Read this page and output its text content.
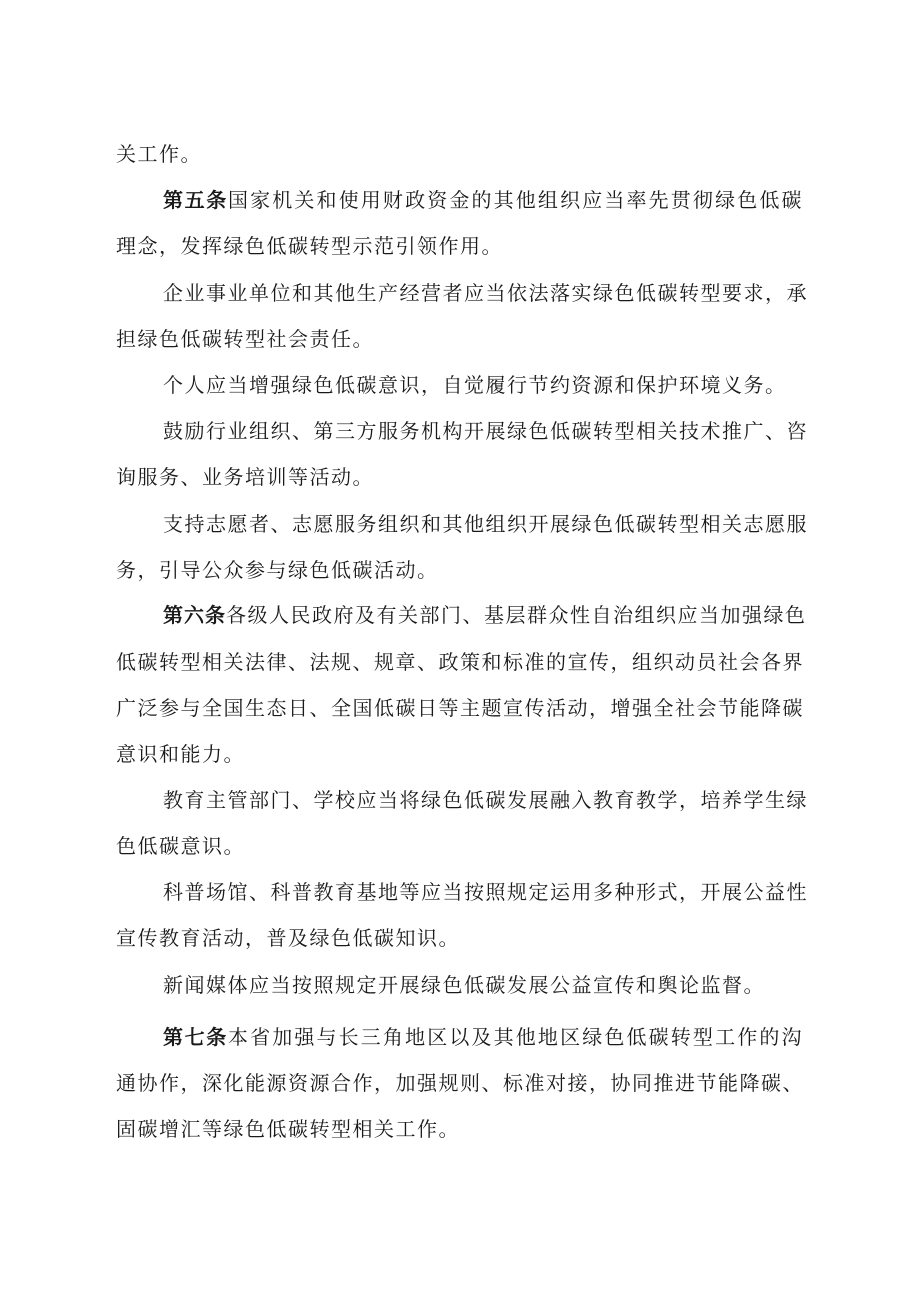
关工作。
第五条国家机关和使用财政资金的其他组织应当率先贯彻绿色低碳
理念，发挥绿色低碳转型示范引领作用。
企业事业单位和其他生产经营者应当依法落实绿色低碳转型要求，承
担绿色低碳转型社会责任。
个人应当增强绿色低碳意识，自觉履行节约资源和保护环境义务。
鼓励行业组织、第三方服务机构开展绿色低碳转型相关技术推广、咨
询服务、业务培训等活动。
支持志愿者、志愿服务组织和其他组织开展绿色低碳转型相关志愿服
务，引导公众参与绿色低碳活动。
第六条各级人民政府及有关部门、基层群众性自治组织应当加强绿色
低碳转型相关法律、法规、规章、政策和标准的宣传，组织动员社会各界
广泛参与全国生态日、全国低碳日等主题宣传活动，增强全社会节能降碳
意识和能力。
教育主管部门、学校应当将绿色低碳发展融入教育教学，培养学生绿
色低碳意识。
科普场馆、科普教育基地等应当按照规定运用多种形式，开展公益性
宣传教育活动，普及绿色低碳知识。
新闻媒体应当按照规定开展绿色低碳发展公益宣传和舆论监督。
第七条本省加强与长三角地区以及其他地区绿色低碳转型工作的沟
通协作，深化能源资源合作，加强规则、标准对接，协同推进节能降碳、
固碳增汇等绿色低碳转型相关工作。
